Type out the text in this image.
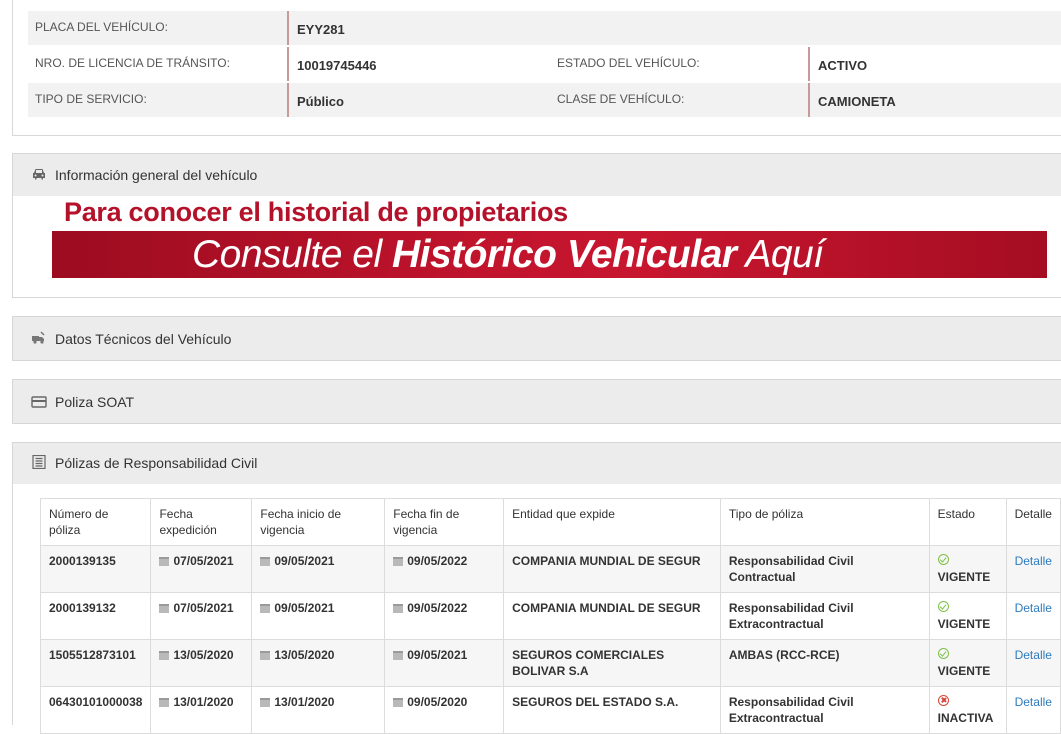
PLACA DEL VEHÍCULO:	EYY281
NRO. DE LICENCIA DE TRÁNSITO:	10019745446	ESTADO DEL VEHÍCULO:	ACTIVO
TIPO DE SERVICIO:	Público	CLASE DE VEHÍCULO:	CAMIONETA
Información general del vehículo
Para conocer el historial de propietarios
Consulte el Histórico Vehicular Aquí
Datos Técnicos del Vehículo
Poliza SOAT
Pólizas de Responsabilidad Civil
Número de póliza	Fecha expedición	Fecha inicio de vigencia	Fecha fin de vigencia	Entidad que expide	Tipo de póliza	Estado	Detalle
2000139135	07/05/2021	09/05/2021	09/05/2022	COMPANIA MUNDIAL DE SEGUR	Responsabilidad Civil Contractual	VIGENTE	Detalle
2000139132	07/05/2021	09/05/2021	09/05/2022	COMPANIA MUNDIAL DE SEGUR	Responsabilidad Civil Extracontractual	VIGENTE	Detalle
1505512873101	13/05/2020	13/05/2020	09/05/2021	SEGUROS COMERCIALES BOLIVAR S.A	AMBAS (RCC-RCE)	VIGENTE	Detalle
06430101000038	13/01/2020	13/01/2020	09/05/2020	SEGUROS DEL ESTADO S.A.	Responsabilidad Civil Extracontractual	INACTIVA	Detalle
